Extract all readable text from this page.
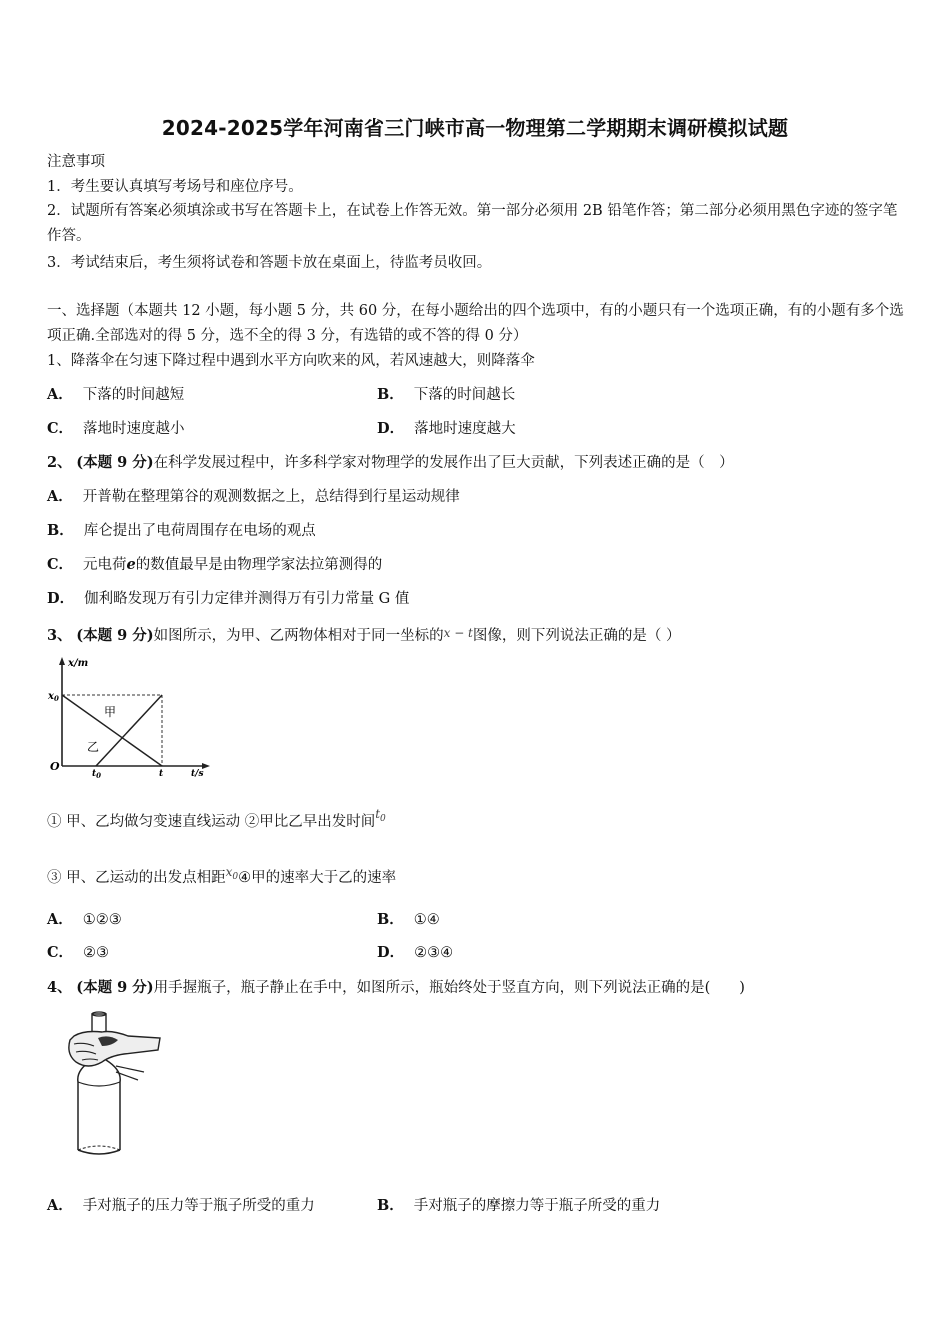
2024-2025学年河南省三门峡市高一物理第二学期期末调研模拟试题
注意事项
1．考生要认真填写考场号和座位序号。
2．试题所有答案必须填涂或书写在答题卡上，在试卷上作答无效。第一部分必须用 2B 铅笔作答；第二部分必须用黑色字迹的签字笔作答。
3．考试结束后，考生须将试卷和答题卡放在桌面上，待监考员收回。
一、选择题（本题共 12 小题，每小题 5 分，共 60 分，在每小题给出的四个选项中，有的小题只有一个选项正确，有的小题有多个选项正确.全部选对的得 5 分，选不全的得 3 分，有选错的或不答的得 0 分）
1、降落伞在匀速下降过程中遇到水平方向吹来的风，若风速越大，则降落伞
A． 下落的时间越短	B． 下落的时间越长
C． 落地时速度越小	D． 落地时速度越大
2、 (本题 9 分)在科学发展过程中，许多科学家对物理学的发展作出了巨大贡献，下列表述正确的是（　）
A． 开普勒在整理第谷的观测数据之上，总结得到行星运动规律
B． 库仑提出了电荷周围存在电场的观点
C． 元电荷e的数值最早是由物理学家法拉第测得的
D． 伽利略发现万有引力定律并测得万有引力常量 G 值
3、 (本题 9 分)如图所示，为甲、乙两物体相对于同一坐标的$^{x - t}$图像，则下列说法正确的是（ ）
x/m
$x_0$
甲
乙
O
$t_0$	t	t/s
① 甲、乙均做匀变速直线运动 ②甲比乙早出发时间$^{t_0}$
③ 甲、乙运动的出发点相距$^{x_0}$④甲的速率大于乙的速率
A． ①②③	B． ①④
C． ②③	D． ②③④
4、 (本题 9 分)用手握瓶子，瓶子静止在手中，如图所示，瓶始终处于竖直方向，则下列说法正确的是(　　)
A． 手对瓶子的压力等于瓶子所受的重力	B． 手对瓶子的摩擦力等于瓶子所受的重力
